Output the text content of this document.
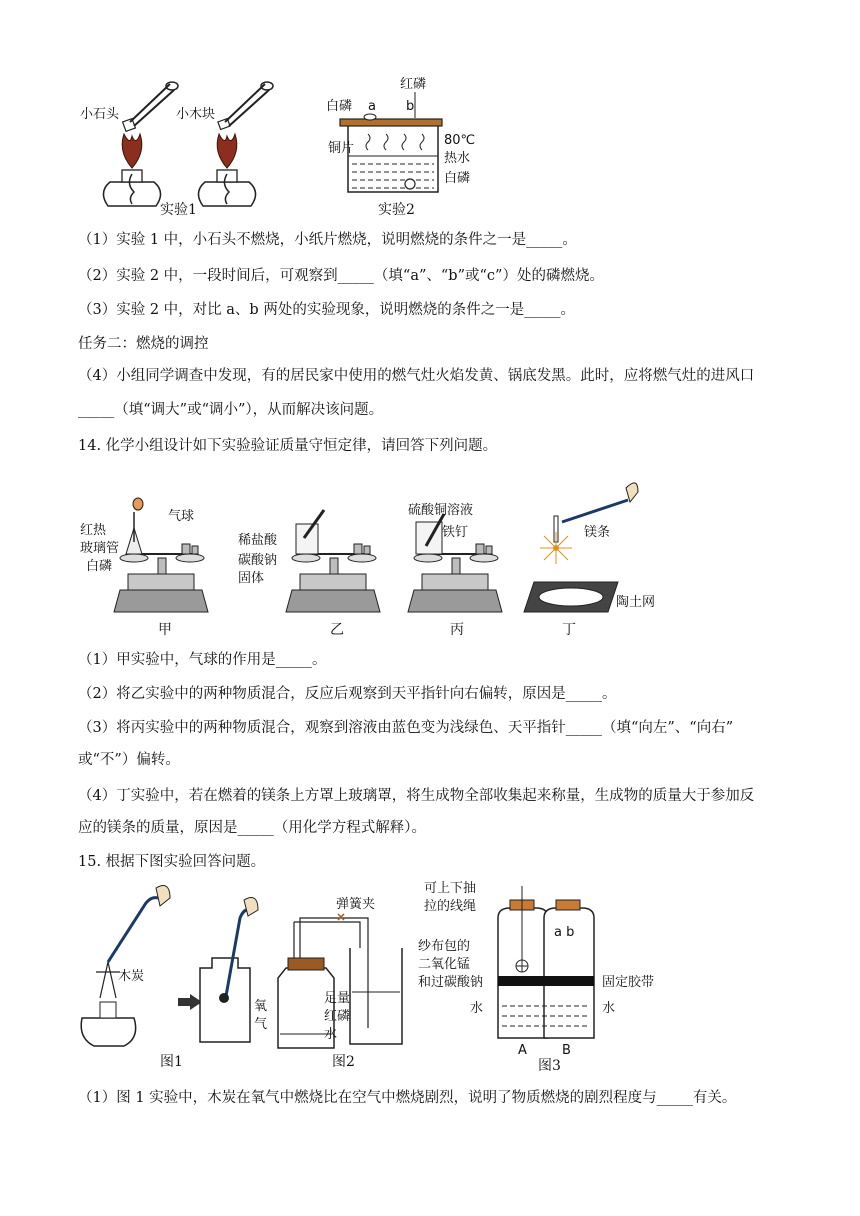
小石头	小木块
实验1
红磷
白磷 a b
铜片
80℃
热水
白磷
实验2
（1）实验 1 中，小石头不燃烧，小纸片燃烧，说明燃烧的条件之一是_____。
（2）实验 2 中，一段时间后，可观察到_____（填“a”、“b”或“c”）处的磷燃烧。
（3）实验 2 中，对比 a、b 两处的实验现象，说明燃烧的条件之一是_____。
任务二：燃烧的调控
（4）小组同学调查中发现，有的居民家中使用的燃气灶火焰发黄、锅底发黑。此时，应将燃气灶的进风口
_____（填“调大”或“调小”），从而解决该问题。
14. 化学小组设计如下实验验证质量守恒定律，请回答下列问题。
红热
玻璃管
气球
白磷
甲
稀盐酸
碳酸钠
固体
乙
硫酸铜溶液
铁钉
丙
镁条
陶土网
丁
（1）甲实验中，气球的作用是_____。
（2）将乙实验中的两种物质混合，反应后观察到天平指针向右偏转，原因是_____。
（3）将丙实验中的两种物质混合，观察到溶液由蓝色变为浅绿色、天平指针_____（填“向左”、“向右”
或“不”）偏转。
（4）丁实验中，若在燃着的镁条上方罩上玻璃罩，将生成物全部收集起来称量，生成物的质量大于参加反
应的镁条的质量，原因是_____（用化学方程式解释）。
15. 根据下图实验回答问题。
木炭
氧
气
图1
弹簧夹
足量
红磷
水
图2
可上下抽
拉的线绳
纱布包的
二氧化锰
和过碳酸钠
水	水
固定胶带
a b
A	B
图3
（1）图 1 实验中，木炭在氧气中燃烧比在空气中燃烧剧烈，说明了物质燃烧的剧烈程度与_____有关。
